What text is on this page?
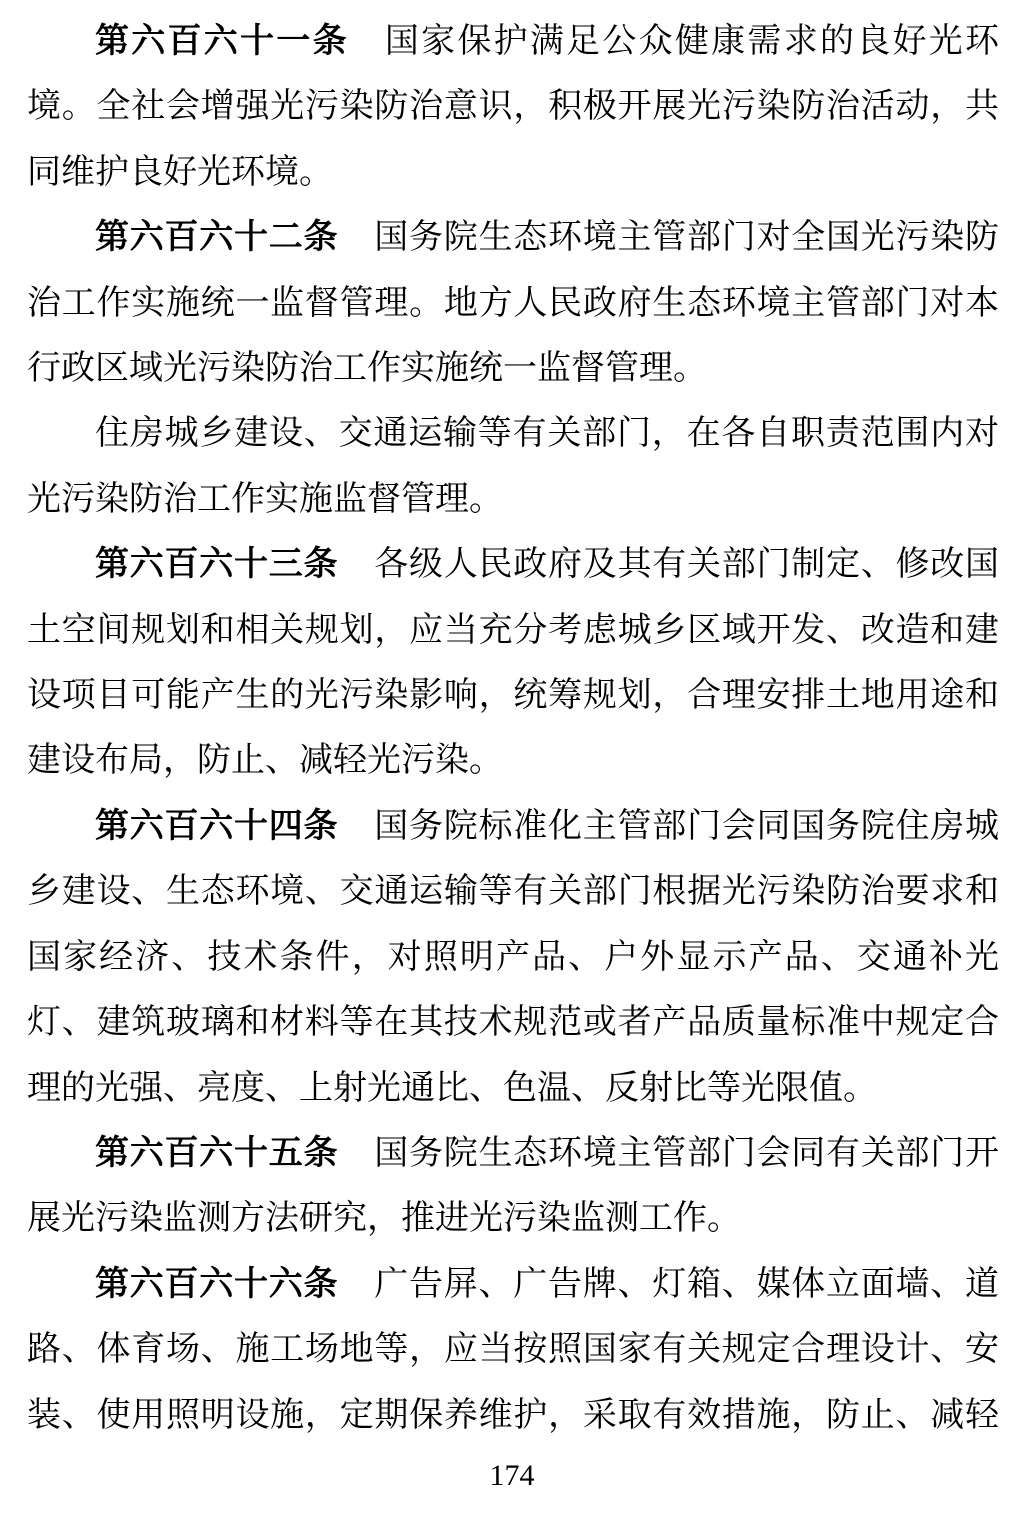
第六百六十一条 国家保护满足公众健康需求的良好光环
境。全社会增强光污染防治意识，积极开展光污染防治活动，共
同维护良好光环境。
第六百六十二条 国务院生态环境主管部门对全国光污染防
治工作实施统一监督管理。地方人民政府生态环境主管部门对本
行政区域光污染防治工作实施统一监督管理。
住房城乡建设、交通运输等有关部门，在各自职责范围内对
光污染防治工作实施监督管理。
第六百六十三条 各级人民政府及其有关部门制定、修改国
土空间规划和相关规划，应当充分考虑城乡区域开发、改造和建
设项目可能产生的光污染影响，统筹规划，合理安排土地用途和
建设布局，防止、减轻光污染。
第六百六十四条 国务院标准化主管部门会同国务院住房城
乡建设、生态环境、交通运输等有关部门根据光污染防治要求和
国家经济、技术条件，对照明产品、户外显示产品、交通补光
灯、建筑玻璃和材料等在其技术规范或者产品质量标准中规定合
理的光强、亮度、上射光通比、色温、反射比等光限值。
第六百六十五条 国务院生态环境主管部门会同有关部门开
展光污染监测方法研究，推进光污染监测工作。
第六百六十六条 广告屏、广告牌、灯箱、媒体立面墙、道
路、体育场、施工场地等，应当按照国家有关规定合理设计、安
装、使用照明设施，定期保养维护，采取有效措施，防止、减轻
174
